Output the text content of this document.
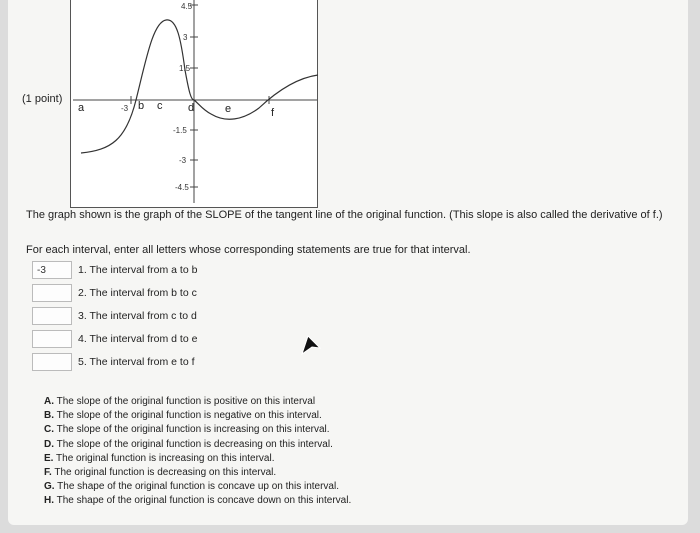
(1 point)
4.5
3
1.5
-1.5
-3
-4.5
-3
a	b c d	e	f
The graph shown is the graph of the SLOPE of the tangent line of the original function. (This slope is also called the derivative of f.)
For each interval, enter all letters whose corresponding statements are true for that interval.
-3
1. The interval from a to b
2. The interval from b to c
3. The interval from c to d
4. The interval from d to e
5. The interval from e to f
A. The slope of the original function is positive on this interval
B. The slope of the original function is negative on this interval.
C. The slope of the original function is increasing on this interval.
D. The slope of the original function is decreasing on this interval.
E. The original function is increasing on this interval.
F. The original function is decreasing on this interval.
G. The shape of the original function is concave up on this interval.
H. The shape of the original function is concave down on this interval.
